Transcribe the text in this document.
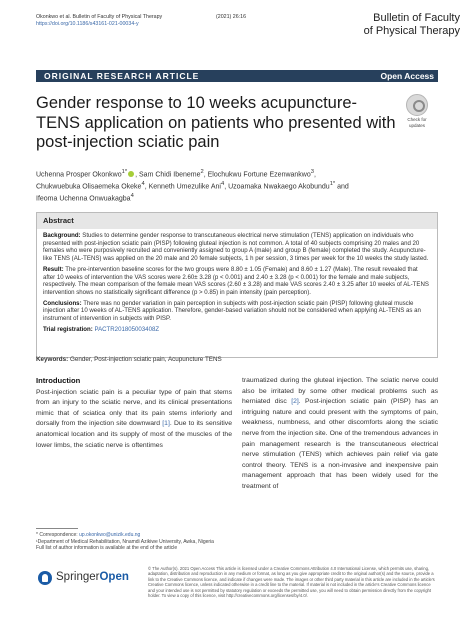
Okonkwo et al. Bulletin of Faculty of Physical Therapy
https://doi.org/10.1186/s43161-021-00034-y
(2021) 26:16	Bulletin of Faculty
of Physical Therapy
ORIGINAL RESEARCH ARTICLE	Open Access
Gender response to 10 weeks acupuncture-TENS application on patients who presented with post-injection sciatic pain
Check for
updates
Uchenna Prosper Okonkwo$^{1*}$ , Sam Chidi Ibeneme$^2$, Elochukwu Fortune Ezenwankwo$^3$,
Chukwuebuka Olisaemeka Okeke$^4$, Kenneth Umezulike Ani$^4$, Uzoamaka Nwakaego Akobundu$^{1*}$ and
Ifeoma Uchenna Onwuakagba$^4$
Abstract

Background: Studies to determine gender response to transcutaneous electrical nerve stimulation (TENS) application on individuals who presented with post-injection sciatic pain (PISP) following gluteal injection is not common. A total of 40 subjects comprising 20 males and 20 females who were purposively recruited and conveniently assigned to group A (male) and group B (female) completed the study. Acupuncture-like TENS (AL-TENS) was applied on the 20 male and 20 female subjects, 1 h per session, 3 times per week for the 10 weeks the study lasted.

Result: The pre-intervention baseline scores for the two groups were 8.80 ± 1.05 (Female) and 8.60 ± 1.27 (Male). The result revealed that after 10 weeks of intervention the VAS scores were 2.60± 3.28 (p < 0.001) and 2.40 ± 3.28 (p < 0.001) for the female and male subjects, respectively. The mean comparison of the female mean VAS scores (2.60 ± 3.28) and male VAS scores 2.40 ± 3.25 after 10 weeks of AL-TENS intervention shows no statistically significant difference (p > 0.85) in pain intensity (pain perception).

Conclusions: There was no gender variation in pain perception in subjects with post-injection sciatic pain (PISP) following gluteal muscle injection after 10 weeks of AL-TENS application. Therefore, gender-based variation should not be considered when applying AL-TENS as an instrument of intervention in subjects with PISP.

Trial registration: PACTR201805003408Z

Keywords: Gender, Post-injection sciatic pain, Acupuncture TENS
Introduction
Post-injection sciatic pain is a peculiar type of pain that stems from an injury to the sciatic nerve, and its clinical presentations mimic that of sciatica only that its pain stems inferiorly and dorsally from the injection site downward [1]. Due to its sensitive anatomical location and its supply of most of the muscles of the lower limbs, the sciatic nerve is oftentimes
traumatized during the gluteal injection. The sciatic nerve could also be irritated by some other medical problems such as herniated disc [2]. Post-injection sciatic pain (PISP) has an intriguing nature and could present with the symptoms of pain, weakness, numbness, and other discomforts along the sciatic nerve from the injection site. One of the tremendous advances in pain management research is the transcutaneous electrical nerve stimulation (TENS) which achieves pain relief via gate control theory. TENS is a non-invasive and inexpensive pain management approach that has been widely used for the treatment of
* Correspondence: up.okonkwo@unizik.edu.ng
¹Department of Medical Rehabilitation, Nnamdi Azikiwe University, Awka, Nigeria
Full list of author information is available at the end of the article
SpringerOpen
© The Author(s). 2021 Open Access This article is licensed under a Creative Commons Attribution 4.0 International License, which permits use, sharing, adaptation, distribution and reproduction in any medium or format, as long as you give appropriate credit to the original author(s) and the source, provide a link to the Creative Commons licence, and indicate if changes were made. The images or other third party material in this article are included in the article's Creative Commons licence, unless indicated otherwise in a credit line to the material. If material is not included in the article's Creative Commons licence and your intended use is not permitted by statutory regulation or exceeds the permitted use, you will need to obtain permission directly from the copyright holder. To view a copy of this licence, visit http://creativecommons.org/licenses/by/4.0/.
